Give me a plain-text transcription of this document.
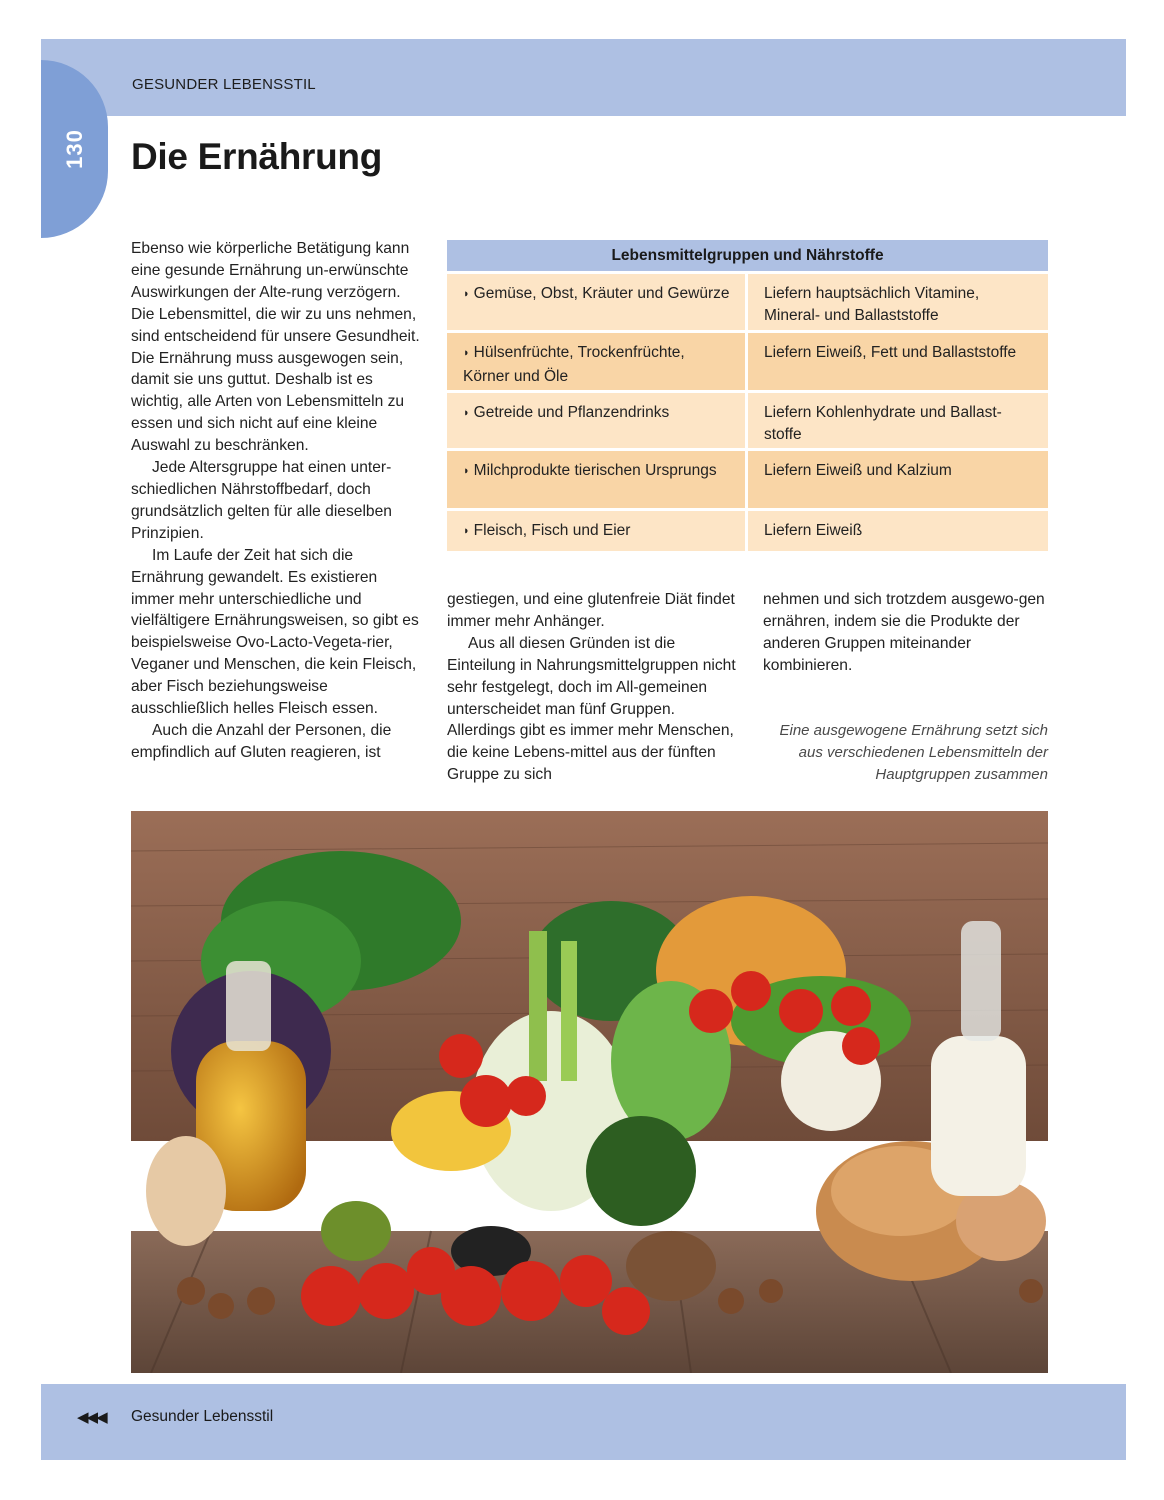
GESUNDER LEBENSSTIL
130 Die Ernährung

Ebenso wie körperliche Betätigung kann eine gesunde Ernährung un-erwünschte Auswirkungen der Alte-rung verzögern. Die Lebensmittel, die wir zu uns nehmen, sind entscheidend für unsere Gesundheit. Die Ernährung muss ausgewogen sein, damit sie uns guttut. Deshalb ist es wichtig, alle Arten von Lebensmitteln zu essen und sich nicht auf eine kleine Auswahl zu beschränken.

Jede Altersgruppe hat einen unter-schiedlichen Nährstoffbedarf, doch grundsätzlich gelten für alle dieselben Prinzipien.

Im Laufe der Zeit hat sich die Ernährung gewandelt. Es existieren immer mehr unterschiedliche und vielfältigere Ernährungsweisen, so gibt es beispielsweise Ovo-Lacto-Vegeta-rier, Veganer und Menschen, die kein Fleisch, aber Fisch beziehungsweise ausschließlich helles Fleisch essen.

Auch die Anzahl der Personen, die empfindlich auf Gluten reagieren, ist

Lebensmittelgruppen und Nährstoffe	
◗ Gemüse, Obst, Kräuter und Gewürze	Liefern hauptsächlich Vitamine, Mineral- und Ballaststoffe
◗ Hülsenfrüchte, Trockenfrüchte, Körner und Öle	Liefern Eiweiß, Fett und Ballaststoffe
◗ Getreide und Pflanzendrinks	Liefern Kohlenhydrate und Ballast-stoffe
◗ Milchprodukte tierischen Ursprungs	Liefern Eiweiß und Kalzium
◗ Fleisch, Fisch und Eier	Liefern Eiweiß

gestiegen, und eine glutenfreie Diät findet immer mehr Anhänger.

Aus all diesen Gründen ist die Einteilung in Nahrungsmittelgruppen nicht sehr festgelegt, doch im All-gemeinen unterscheidet man fünf Gruppen. Allerdings gibt es immer mehr Menschen, die keine Lebens-mittel aus der fünften Gruppe zu sich

nehmen und sich trotzdem ausgewo-gen ernähren, indem sie die Produkte der anderen Gruppen miteinander kombinieren.

Eine ausgewogene Ernährung setzt sich aus verschiedenen Lebensmitteln der Hauptgruppen zusammen
◀◀◀ Gesunder Lebensstil
